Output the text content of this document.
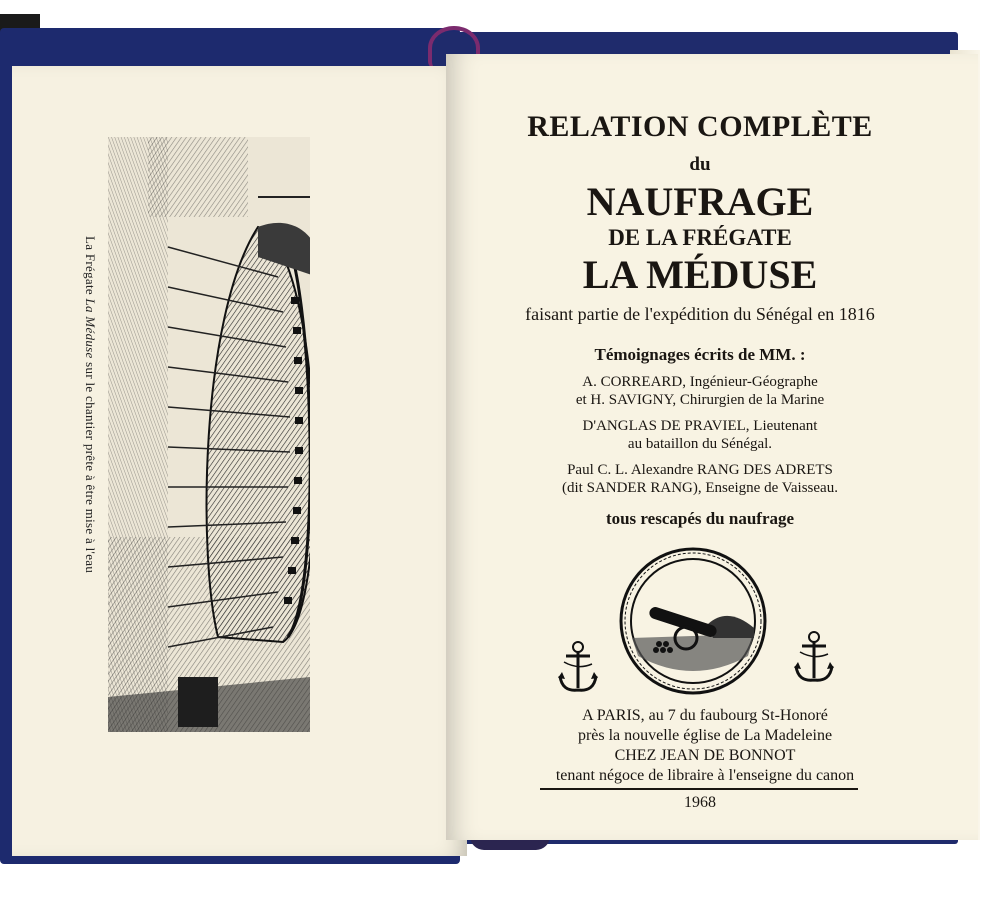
La Frégate La Méduse sur le chantier prête à être mise à l'eau
RELATION COMPLÈTE
du
NAUFRAGE
DE LA FRÉGATE
LA MÉDUSE
faisant partie de l'expédition du Sénégal en 1816
Témoignages écrits de MM. :
A. CORREARD, Ingénieur-Géographe
et H. SAVIGNY, Chirurgien de la Marine
D'ANGLAS DE PRAVIEL, Lieutenant
au bataillon du Sénégal.
Paul C. L. Alexandre RANG DES ADRETS
(dit SANDER RANG), Enseigne de Vaisseau.
tous rescapés du naufrage
A PARIS, au 7 du faubourg St-Honoré
près la nouvelle église de La Madeleine
CHEZ JEAN DE BONNOT
tenant négoce de libraire à l'enseigne du canon
1968
